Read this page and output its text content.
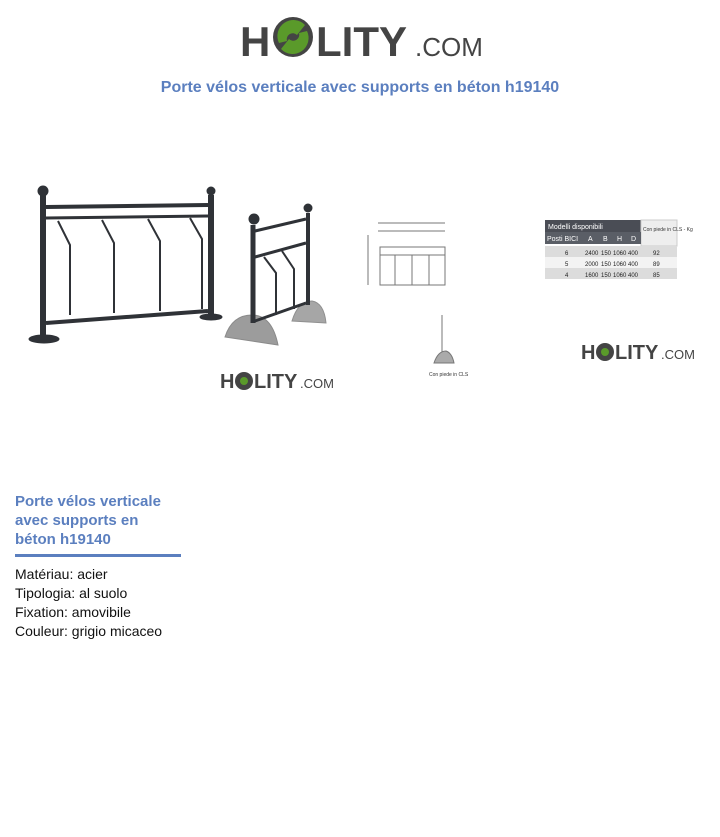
H LITY .COM
Porte vélos verticale avec supports en béton h19140
H LITY .COM
Con piede in CLS
Modelli disponibili	Con piede in CLS - Kg
Posti BICI A B H D
6	2400 150 1060 400 92
5	2000 150 1060 400 89
4	1600 150 1060 400 85
H LITY .COM
Porte vélos verticale avec supports en béton h19140
Matériau: acier
Tipologia: al suolo
Fixation: amovibile
Couleur: grigio micaceo
